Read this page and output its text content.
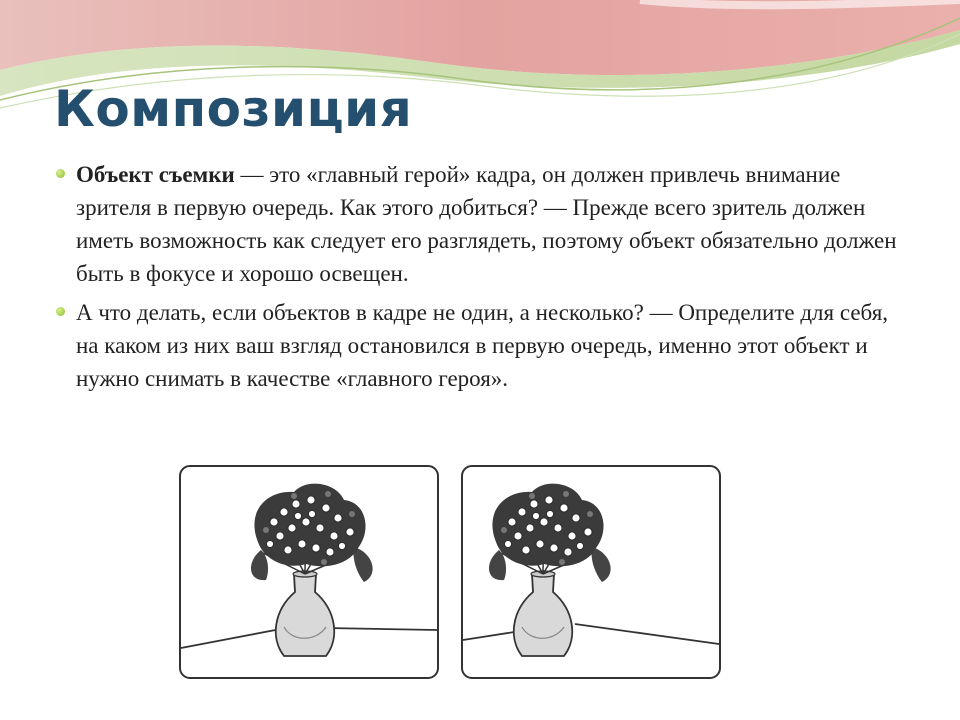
Композиция
Объект съемки — это «главный герой» кадра, он должен привлечь внимание зрителя в первую очередь. Как этого добиться? — Прежде всего зритель должен иметь возможность как следует его разглядеть, поэтому объект обязательно должен быть в фокусе и хорошо освещен.
А что делать, если объектов в кадре не один, а несколько? — Определите для себя, на каком из них ваш взгляд остановился в первую очередь, именно этот объект и нужно снимать в качестве «главного героя».
